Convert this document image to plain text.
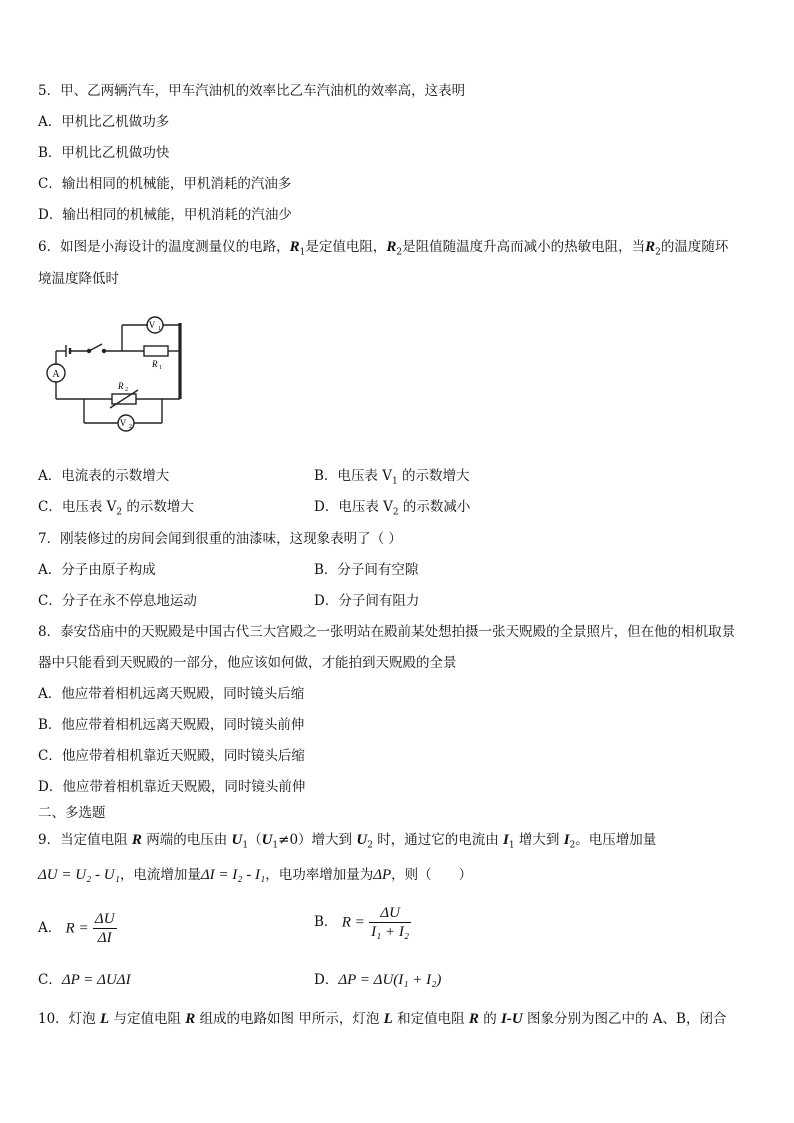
5．甲、乙两辆汽车，甲车汽油机的效率比乙车汽油机的效率高，这表明
A．甲机比乙机做功多
B．甲机比乙机做功快
C．输出相同的机械能，甲机消耗的汽油多
D．输出相同的机械能，甲机消耗的汽油少
6．如图是小海设计的温度测量仪的电路，$R_1$是定值电阻，$R_2$是阻值随温度升高而减小的热敏电阻，当$R_2$的温度随环
境温度降低时
A
V 1
V 2
R 1
R 2
A．电流表的示数增大	B．电压表 $V_1$ 的示数增大
C．电压表 $V_2$ 的示数增大	D．电压表 $V_2$ 的示数减小
7．刚装修过的房间会闻到很重的油漆味，这现象表明了（ ）
A．分子由原子构成	B．分子间有空隙
C．分子在永不停息地运动	D．分子间有阻力
8．泰安岱庙中的天贶殿是中国古代三大宫殿之一张明站在殿前某处想拍摄一张天贶殿的全景照片，但在他的相机取景
器中只能看到天贶殿的一部分，他应该如何做，才能拍到天贶殿的全景
A．他应带着相机远离天贶殿，同时镜头后缩
B．他应带着相机远离天贶殿，同时镜头前伸
C．他应带着相机靠近天贶殿，同时镜头后缩
D．他应带着相机靠近天贶殿，同时镜头前伸
二、多选题
9．当定值电阻 R 两端的电压由 $U_1(U_1\ne 0)$增大到 $U_2$ 时，通过它的电流由 $I_1$ 增大到 $I_2$。电压增加量
ΔU = U₂ - U₁，电流增加量ΔI = I₂ - I₁，电功率增加量为ΔP，则（　　）
A． $R = \frac{\Delta U}{\Delta I}$	B． $R = \frac{\Delta U}{\text{I₁ + I₂}}$
C．ΔP = ΔUΔI	D．ΔP = ΔU(I₁ + I₂)
10．灯泡 L 与定值电阻 R 组成的电路如图 甲所示，灯泡 L 和定值电阻 R 的 I-U 图象分别为图乙中的 A、B，闭合
